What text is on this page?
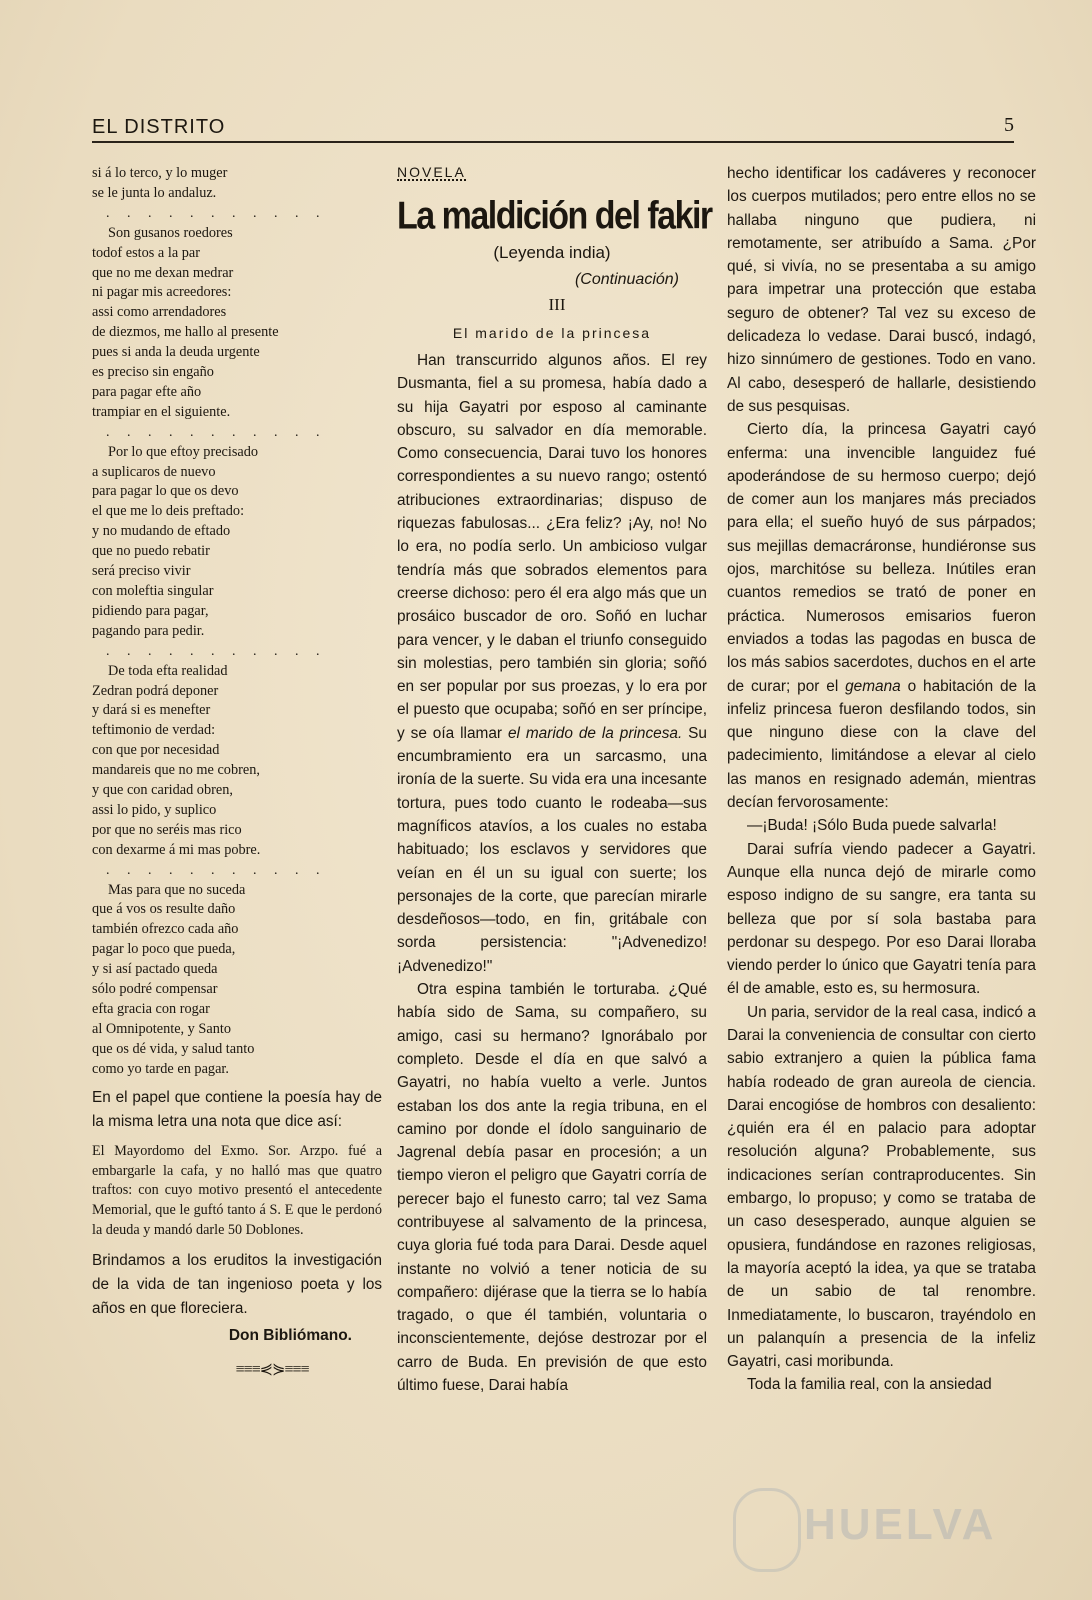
EL DISTRITO	5
si á lo terco, y lo muger
se le junta lo andaluz.
. . . . . . . . . . .
Son gusanos roedores
todof estos a la par
que no me dexan medrar
ni pagar mis acreedores:
assi como arrendadores
de diezmos, me hallo al presente
pues si anda la deuda urgente
es preciso sin engaño
para pagar efte año
trampiar en el siguiente.
. . . . . . . . . . .
Por lo que eftoy precisado
a suplicaros de nuevo
para pagar lo que os devo
el que me lo deis preftado:
y no mudando de eftado
que no puedo rebatir
será preciso vivir
con moleftia singular
pidiendo para pagar,
pagando para pedir.
. . . . . . . . . . .
De toda efta realidad
Zedran podrá deponer
y dará si es menefter
teftimonio de verdad:
con que por necesidad
mandareis que no me cobren,
y que con caridad obren,
assi lo pido, y suplico
por que no seréis mas rico
con dexarme á mi mas pobre.
. . . . . . . . . . .
Mas para que no suceda
que á vos os resulte daño
también ofrezco cada año
pagar lo poco que pueda,
y si así pactado queda
sólo podré compensar
efta gracia con rogar
al Omnipotente, y Santo
que os dé vida, y salud tanto
como yo tarde en pagar.
En el papel que contiene la poesía hay de la misma letra una nota que dice así:
El Mayordomo del Exmo. Sor. Arzpo. fué a embargarle la cafa, y no halló mas que quatro traftos: con cuyo motivo presentó el antecedente Memorial, que le guftó tanto á S. E que le perdonó la deuda y mandó darle 50 Doblones.
Brindamos a los eruditos la investigación de la vida de tan ingenioso poeta y los años en que floreciera.
Don Bibliómano.
≡≡≡⋞⋟≡≡≡
NOVELA
La maldición del fakir
(Leyenda india)
(Continuación)
III
El marido de la princesa

Han transcurrido algunos años. El rey Dusmanta, fiel a su promesa, había dado a su hija Gayatri por esposo al caminante obscuro, su salvador en día memorable. Como consecuencia, Darai tuvo los honores correspondientes a su nuevo rango; ostentó atribuciones extraordinarias; dispuso de riquezas fabulosas... ¿Era feliz? ¡Ay, no! No lo era, no podía serlo. Un ambicioso vulgar tendría más que sobrados elementos para creerse dichoso: pero él era algo más que un prosáico buscador de oro. Soñó en luchar para vencer, y le daban el triunfo conseguido sin molestias, pero también sin gloria; soñó en ser popular por sus proezas, y lo era por el puesto que ocupaba; soñó en ser príncipe, y se oía llamar el marido de la princesa. Su encumbramiento era un sarcasmo, una ironía de la suerte. Su vida era una incesante tortura, pues todo cuanto le rodeaba—sus magníficos atavíos, a los cuales no estaba habituado; los esclavos y servidores que veían en él un su igual con suerte; los personajes de la corte, que parecían mirarle desdeñosos—todo, en fin, gritábale con sorda persistencia: "¡Advenedizo! ¡Advenedizo!"

Otra espina también le torturaba. ¿Qué había sido de Sama, su compañero, su amigo, casi su hermano? Ignorábalo por completo. Desde el día en que salvó a Gayatri, no había vuelto a verle. Juntos estaban los dos ante la regia tribuna, en el camino por donde el ídolo sanguinario de Jagrenal debía pasar en procesión; a un tiempo vieron el peligro que Gayatri corría de perecer bajo el funesto carro; tal vez Sama contribuyese al salvamento de la princesa, cuya gloria fué toda para Darai. Desde aquel instante no volvió a tener noticia de su compañero: dijérase que la tierra se lo había tragado, o que él también, voluntaria o inconscientemente, dejóse destrozar por el carro de Buda. En previsión de que esto último fuese, Darai había

hecho identificar los cadáveres y reconocer los cuerpos mutilados; pero entre ellos no se hallaba ninguno que pudiera, ni remotamente, ser atribuído a Sama. ¿Por qué, si vivía, no se presentaba a su amigo para impetrar una protección que estaba seguro de obtener? Tal vez su exceso de delicadeza lo vedase. Darai buscó, indagó, hizo sinnúmero de gestiones. Todo en vano. Al cabo, desesperó de hallarle, desistiendo de sus pesquisas.

Cierto día, la princesa Gayatri cayó enferma: una invencible languidez fué apoderándose de su hermoso cuerpo; dejó de comer aun los manjares más preciados para ella; el sueño huyó de sus párpados; sus mejillas demacráronse, hundiéronse sus ojos, marchitóse su belleza. Inútiles eran cuantos remedios se trató de poner en práctica. Numerosos emisarios fueron enviados a todas las pagodas en busca de los más sabios sacerdotes, duchos en el arte de curar; por el gemana o habitación de la infeliz princesa fueron desfilando todos, sin que ninguno diese con la clave del padecimiento, limitándose a elevar al cielo las manos en resignado ademán, mientras decían fervorosamente:

—¡Buda! ¡Sólo Buda puede salvarla!

Darai sufría viendo padecer a Gayatri. Aunque ella nunca dejó de mirarle como esposo indigno de su sangre, era tanta su belleza que por sí sola bastaba para perdonar su despego. Por eso Darai lloraba viendo perder lo único que Gayatri tenía para él de amable, esto es, su hermosura.

Un paria, servidor de la real casa, indicó a Darai la conveniencia de consultar con cierto sabio extranjero a quien la pública fama había rodeado de gran aureola de ciencia. Darai encogióse de hombros con desaliento: ¿quién era él en palacio para adoptar resolución alguna? Probablemente, sus indicaciones serían contraproducentes. Sin embargo, lo propuso; y como se trataba de un caso desesperado, aunque alguien se opusiera, fundándose en razones religiosas, la mayoría aceptó la idea, ya que se trataba de un sabio de tal renombre. Inmediatamente, lo buscaron, trayéndolo en un palanquín a presencia de la infeliz Gayatri, casi moribunda.

Toda la familia real, con la ansiedad

HUELVA
